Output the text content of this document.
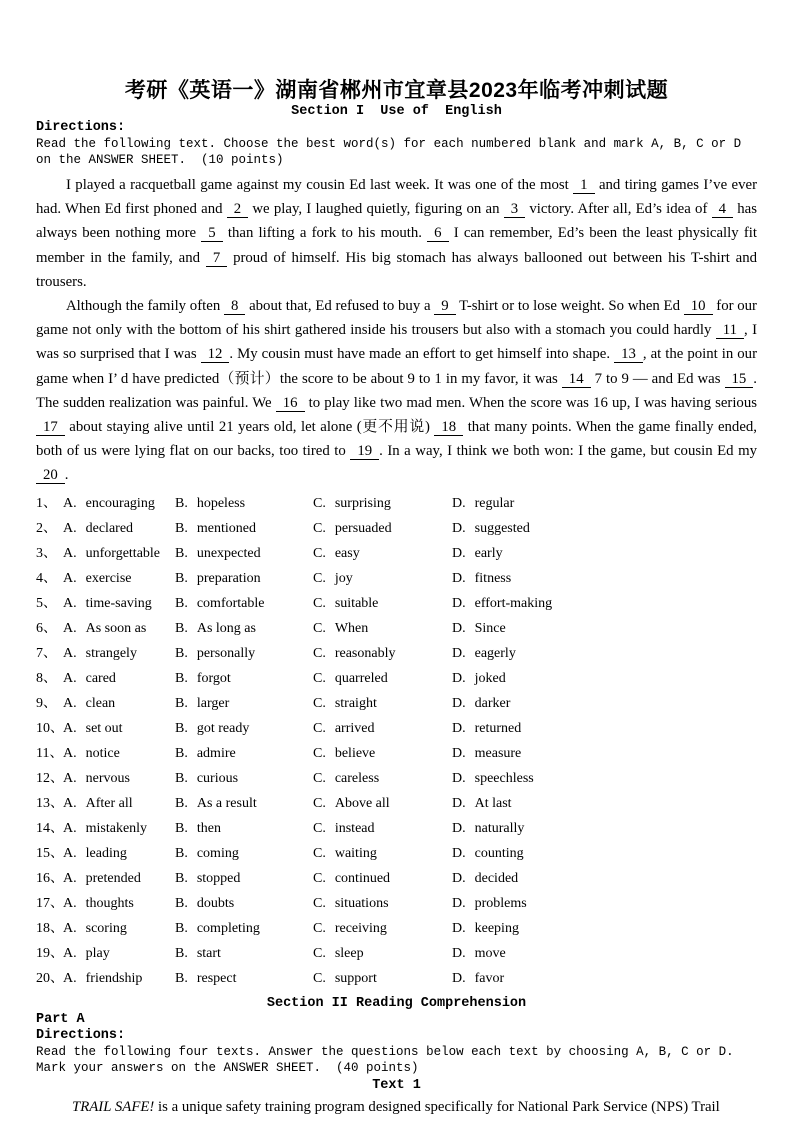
考研《英语一》湖南省郴州市宜章县2023年临考冲刺试题
Section I  Use of  English
Directions:
Read the following text. Choose the best word(s) for each numbered blank and mark A, B, C or D on the ANSWER SHEET.  (10 points)

I played a racquetball game against my cousin Ed last week. It was one of the most 1 and tiring games I’ve ever had. When Ed first phoned and 2 we play, I laughed quietly, figuring on an 3 victory. After all, Ed’s idea of 4 has always been nothing more 5 than lifting a fork to his mouth. 6 I can remember, Ed’s been the least physically fit member in the family, and 7 proud of himself. His big stomach has always ballooned out between his T-shirt and trousers.

Although the family often 8 about that, Ed refused to buy a 9 T-shirt or to lose weight. So when Ed 10 for our game not only with the bottom of his shirt gathered inside his trousers but also with a stomach you could hardly 11 , I was so surprised that I was 12 . My cousin must have made an effort to get himself into shape. 13 , at the point in our game when I’ d have predicted（预计）the score to be about 9 to 1 in my favor, it was 14 7 to 9 — and Ed was 15 . The sudden realization was painful. We 16 to play like two mad men. When the score was 16 up, I was having serious 17 about staying alive until 21 years old, let alone (更不用说) 18 that many points. When the game finally ended, both of us were lying flat on our backs, too tired to 19 . In a way, I think we both won: I the game, but cousin Ed my 20 .

1、 A. encouraging	B. hopeless	C. surprising	D. regular
2、 A. declared	B. mentioned	C. persuaded	D. suggested
3、 A. unforgettable	B. unexpected	C. easy	D. early
4、 A. exercise	B. preparation	C. joy	D. fitness
5、 A. time-saving	B. comfortable	C. suitable	D. effort-making
6、 A. As soon as	B. As long as	C. When	D. Since
7、 A. strangely	B. personally	C. reasonably	D. eagerly
8、 A. cared	B. forgot	C. quarreled	D. joked
9、 A. clean	B. larger	C. straight	D. darker
10、 A. set out	B. got ready	C. arrived	D. returned
11、 A. notice	B. admire	C. believe	D. measure
12、 A. nervous	B. curious	C. careless	D. speechless
13、 A. After all	B. As a result	C. Above all	D. At last
14、 A. mistakenly	B. then	C. instead	D. naturally
15、 A. leading	B. coming	C. waiting	D. counting
16、 A. pretended	B. stopped	C. continued	D. decided
17、 A. thoughts	B. doubts	C. situations	D. problems
18、 A. scoring	B. completing	C. receiving	D. keeping
19、 A. play	B. start	C. sleep	D. move
20、 A. friendship	B. respect	C. support	D. favor
Section II Reading Comprehension
Part A
Directions:
Read the following four texts. Answer the questions below each text by choosing A, B, C or D. Mark your answers on the ANSWER SHEET.  (40 points)
Text 1

TRAIL SAFE! is a unique safety training program designed specifically for National Park Service (NPS) Trail
